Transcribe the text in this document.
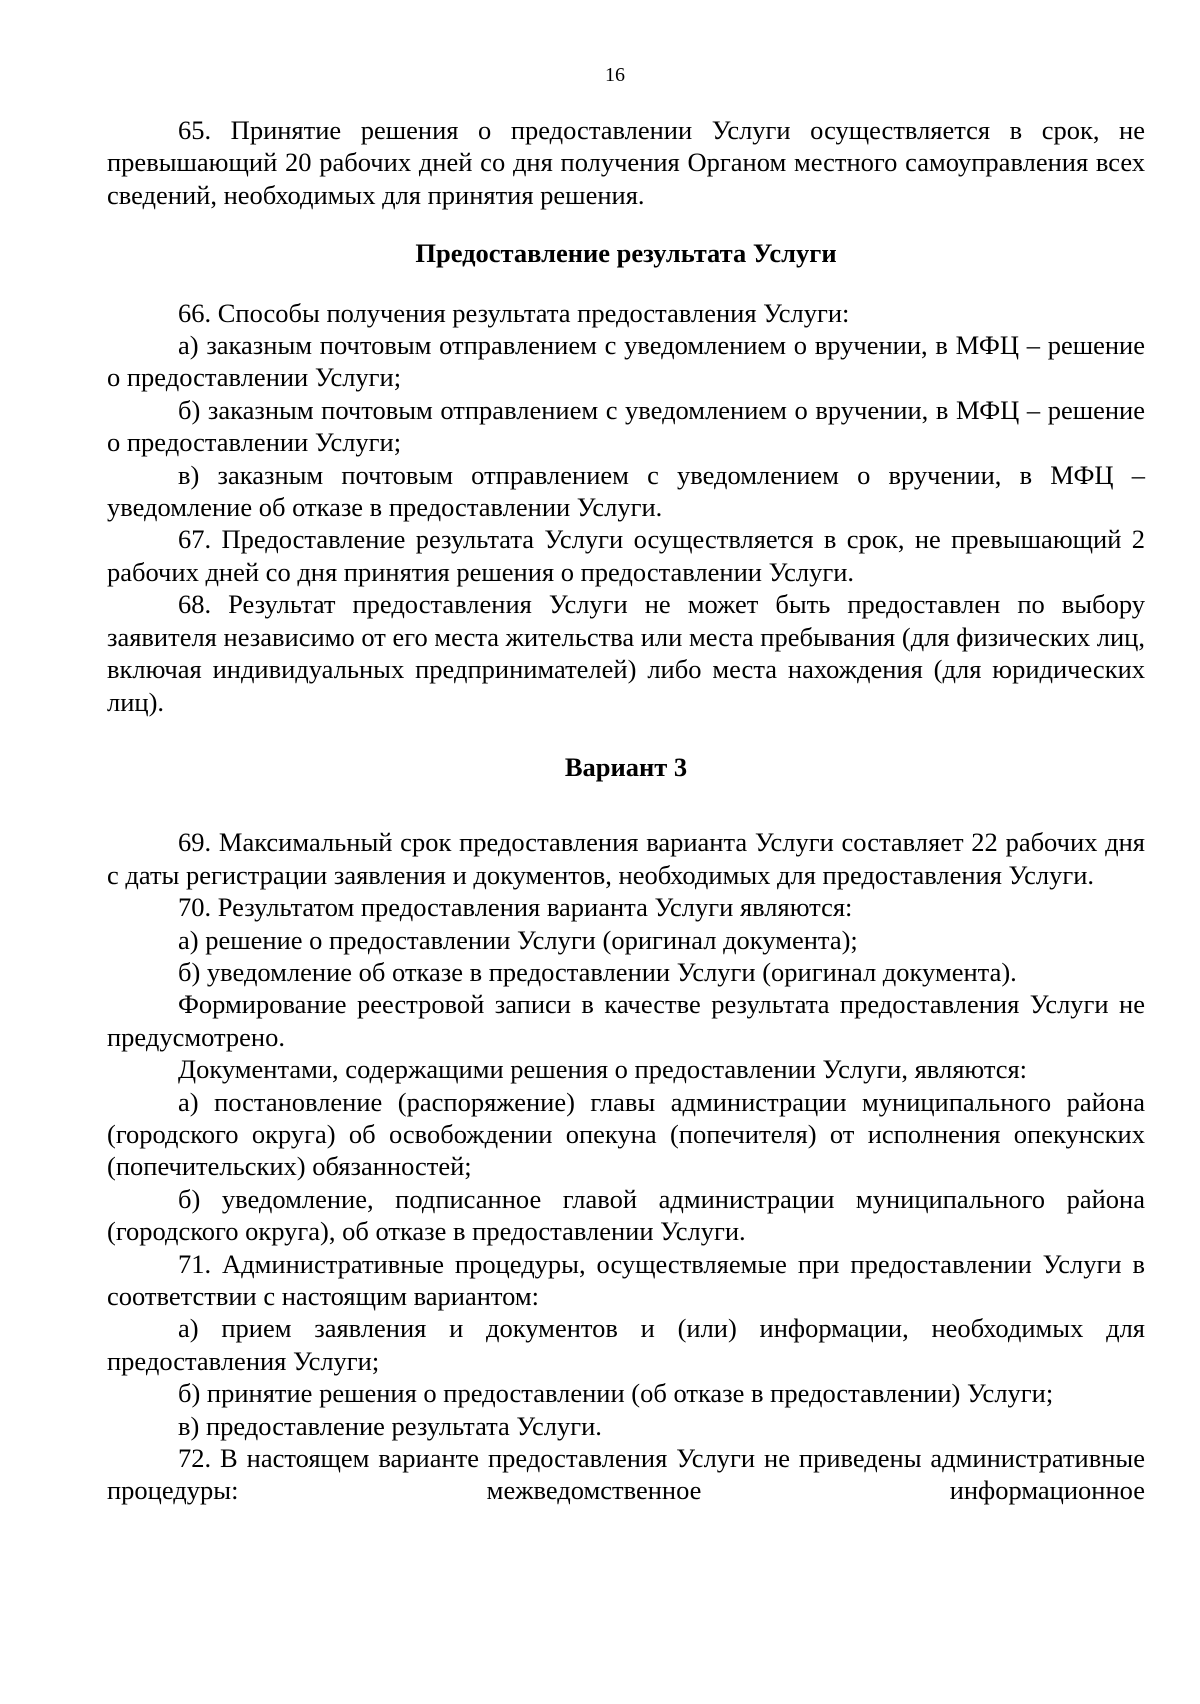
16

65. Принятие решения о предоставлении Услуги осуществляется в срок, не превышающий 20 рабочих дней со дня получения Органом местного самоуправления всех сведений, необходимых для принятия решения.

Предоставление результата Услуги

66. Способы получения результата предоставления Услуги:

а) заказным почтовым отправлением с уведомлением о вручении, в МФЦ – решение о предоставлении Услуги;

б) заказным почтовым отправлением с уведомлением о вручении, в МФЦ – решение о предоставлении Услуги;

в) заказным почтовым отправлением с уведомлением о вручении, в МФЦ – уведомление об отказе в предоставлении Услуги.

67. Предоставление результата Услуги осуществляется в срок, не превышающий 2 рабочих дней со дня принятия решения о предоставлении Услуги.

68. Результат предоставления Услуги не может быть предоставлен по выбору заявителя независимо от его места жительства или места пребывания (для физических лиц, включая индивидуальных предпринимателей) либо места нахождения (для юридических лиц).

Вариант 3

69. Максимальный срок предоставления варианта Услуги составляет 22 рабочих дня с даты регистрации заявления и документов, необходимых для предоставления Услуги.

70. Результатом предоставления варианта Услуги являются:

а) решение о предоставлении Услуги (оригинал документа);

б) уведомление об отказе в предоставлении Услуги (оригинал документа).

Формирование реестровой записи в качестве результата предоставления Услуги не предусмотрено.

Документами, содержащими решения о предоставлении Услуги, являются:

а) постановление (распоряжение) главы администрации муниципального района (городского округа) об освобождении опекуна (попечителя) от исполнения опекунских (попечительских) обязанностей;

б) уведомление, подписанное главой администрации муниципального района (городского округа), об отказе в предоставлении Услуги.

71. Административные процедуры, осуществляемые при предоставлении Услуги в соответствии с настоящим вариантом:

а) прием заявления и документов и (или) информации, необходимых для предоставления Услуги;

б) принятие решения о предоставлении (об отказе в предоставлении) Услуги;

в) предоставление результата Услуги.

72. В настоящем варианте предоставления Услуги не приведены административные процедуры: межведомственное информационное
